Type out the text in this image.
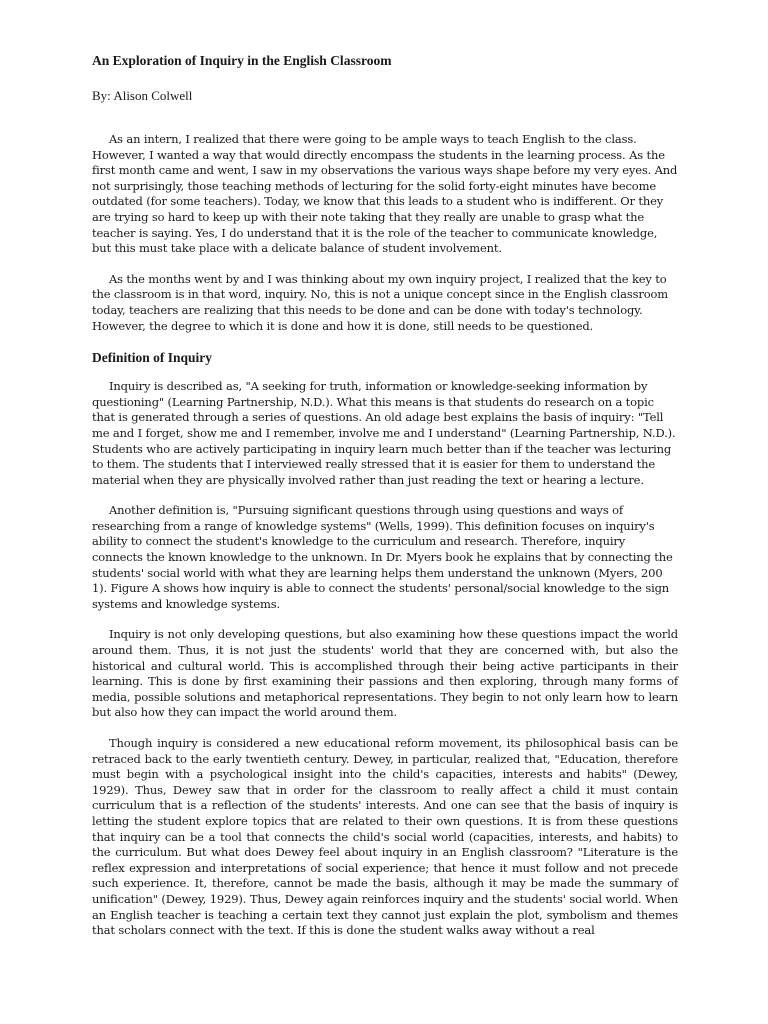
An Exploration of Inquiry in the English Classroom
By: Alison Colwell

As an intern, I realized that there were going to be ample ways to teach English to the class. However, I wanted a way that would directly encompass the students in the learning process. As the first month came and went, I saw in my observations the various ways shape before my very eyes. And not surprisingly, those teaching methods of lecturing for the solid forty-eight minutes have become outdated (for some teachers). Today, we know that this leads to a student who is indifferent. Or they are trying so hard to keep up with their note taking that they really are unable to grasp what the teacher is saying. Yes, I do understand that it is the role of the teacher to communicate knowledge, but this must take place with a delicate balance of student involvement.

As the months went by and I was thinking about my own inquiry project, I realized that the key to the classroom is in that word, inquiry. No, this is not a unique concept since in the English classroom today, teachers are realizing that this needs to be done and can be done with today's technology. However, the degree to which it is done and how it is done, still needs to be questioned.

Definition of Inquiry

Inquiry is described as, "A seeking for truth, information or knowledge-seeking information by questioning" (Learning Partnership, N.D.). What this means is that students do research on a topic that is generated through a series of questions. An old adage best explains the basis of inquiry: "Tell me and I forget, show me and I remember, involve me and I understand" (Learning Partnership, N.D.). Students who are actively participating in inquiry learn much better than if the teacher was lecturing to them. The students that I interviewed really stressed that it is easier for them to understand the material when they are physically involved rather than just reading the text or hearing a lecture.

Another definition is, "Pursuing significant questions through using questions and ways of researching from a range of knowledge systems" (Wells, 1999). This definition focuses on inquiry's ability to connect the student's knowledge to the curriculum and research. Therefore, inquiry connects the known knowledge to the unknown. In Dr. Myers book he explains that by connecting the students' social world with what they are learning helps them understand the unknown (Myers, 200 1). Figure A shows how inquiry is able to connect the students' personal/social knowledge to the sign systems and knowledge systems.

Inquiry is not only developing questions, but also examining how these questions impact the world around them. Thus, it is not just the students' world that they are concerned with, but also the historical and cultural world. This is accomplished through their being active participants in their learning. This is done by first examining their passions and then exploring, through many forms of media, possible solutions and metaphorical representations. They begin to not only learn how to learn but also how they can impact the world around them.

Though inquiry is considered a new educational reform movement, its philosophical basis can be retraced back to the early twentieth century. Dewey, in particular, realized that, "Education, therefore must begin with a psychological insight into the child's capacities, interests and habits" (Dewey, 1929). Thus, Dewey saw that in order for the classroom to really affect a child it must contain curriculum that is a reflection of the students' interests. And one can see that the basis of inquiry is letting the student explore topics that are related to their own questions. It is from these questions that inquiry can be a tool that connects the child's social world (capacities, interests, and habits) to the curriculum. But what does Dewey feel about inquiry in an English classroom? "Literature is the reflex expression and interpretations of social experience; that hence it must follow and not precede such experience. It, therefore, cannot be made the basis, although it may be made the summary of unification" (Dewey, 1929). Thus, Dewey again reinforces inquiry and the students' social world. When an English teacher is teaching a certain text they cannot just explain the plot, symbolism and themes that scholars connect with the text. If this is done the student walks away without a real
